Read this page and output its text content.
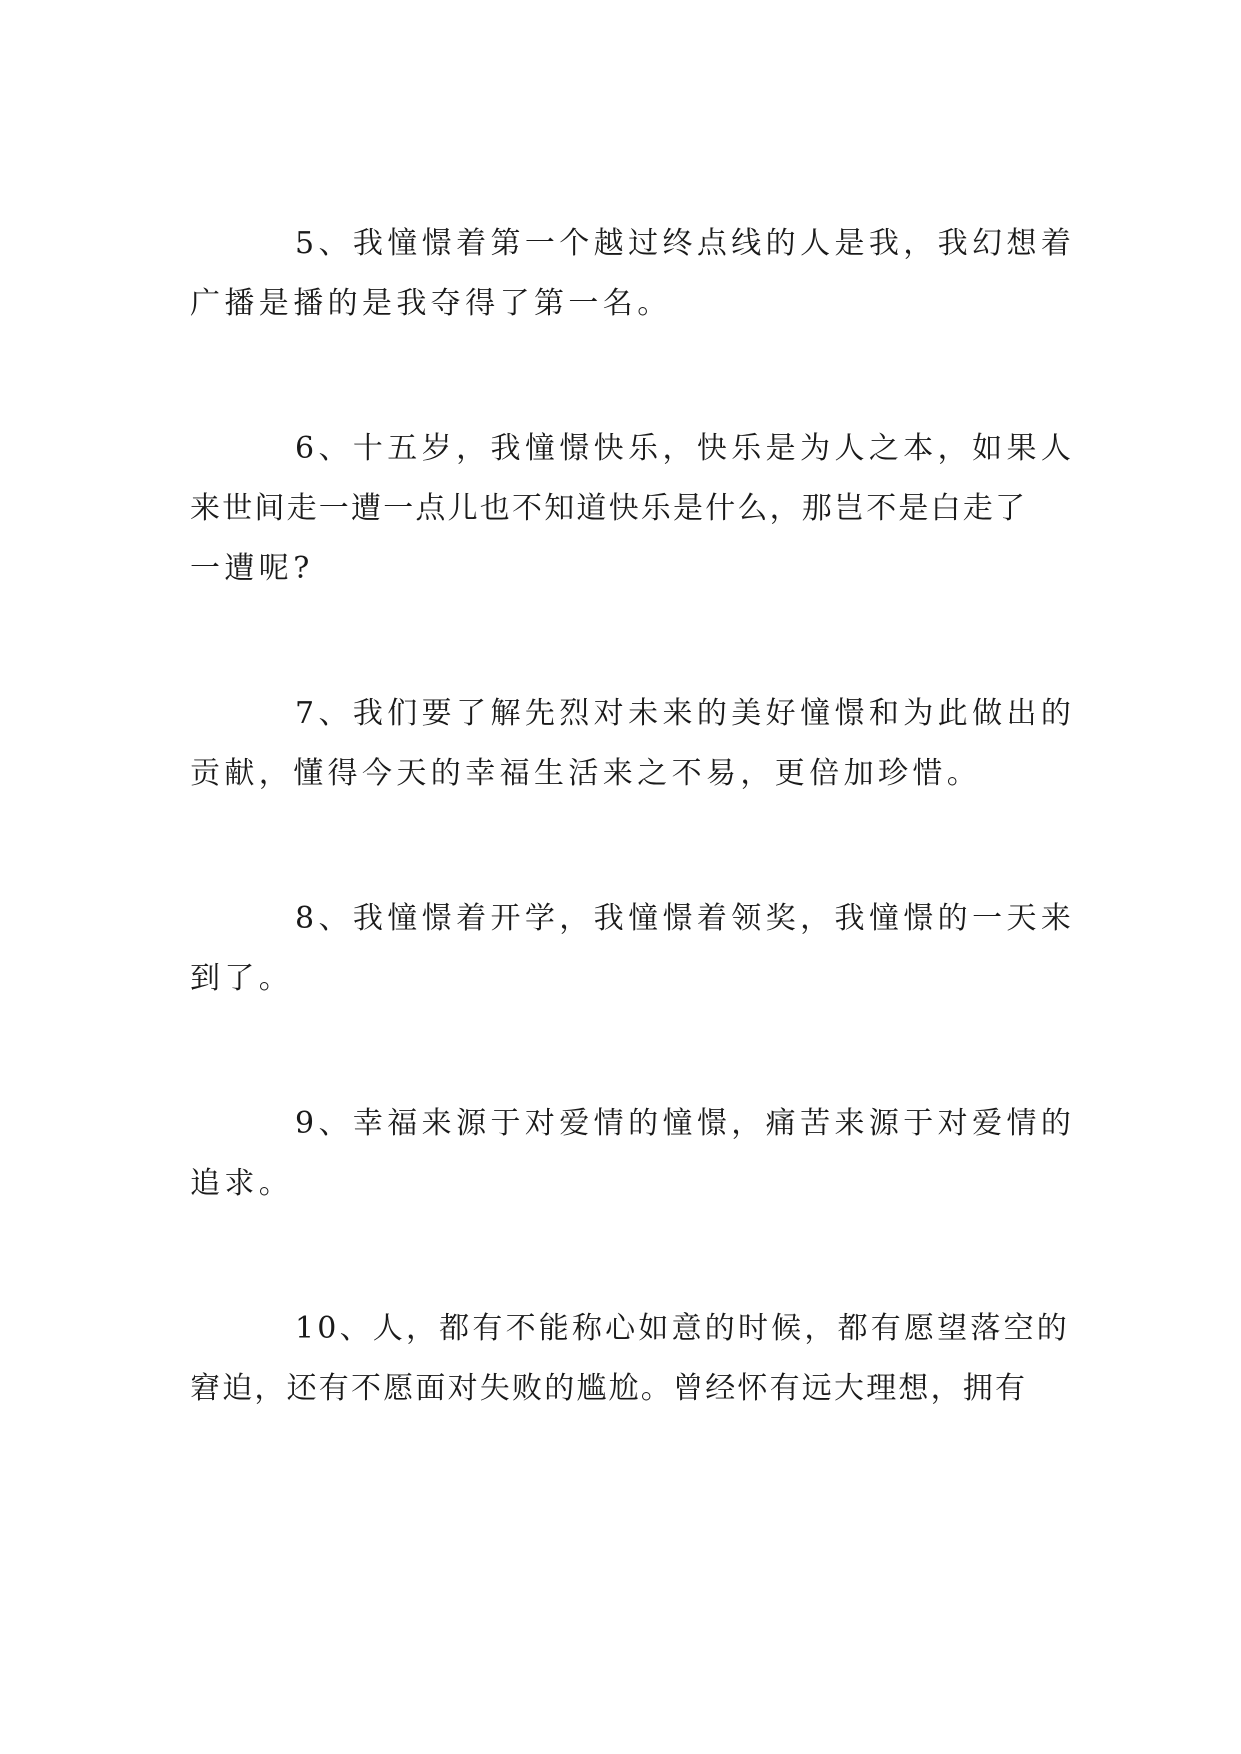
5、我憧憬着第一个越过终点线的人是我，我幻想着
广播是播的是我夺得了第一名。

6、十五岁，我憧憬快乐，快乐是为人之本，如果人
来世间走一遭一点儿也不知道快乐是什么，那岂不是白走了
一遭呢?

7、我们要了解先烈对未来的美好憧憬和为此做出的
贡献，懂得今天的幸福生活来之不易，更倍加珍惜。

8、我憧憬着开学，我憧憬着领奖，我憧憬的一天来
到了。

9、幸福来源于对爱情的憧憬，痛苦来源于对爱情的
追求。

10、人，都有不能称心如意的时候，都有愿望落空的
窘迫，还有不愿面对失败的尴尬。曾经怀有远大理想，拥有
